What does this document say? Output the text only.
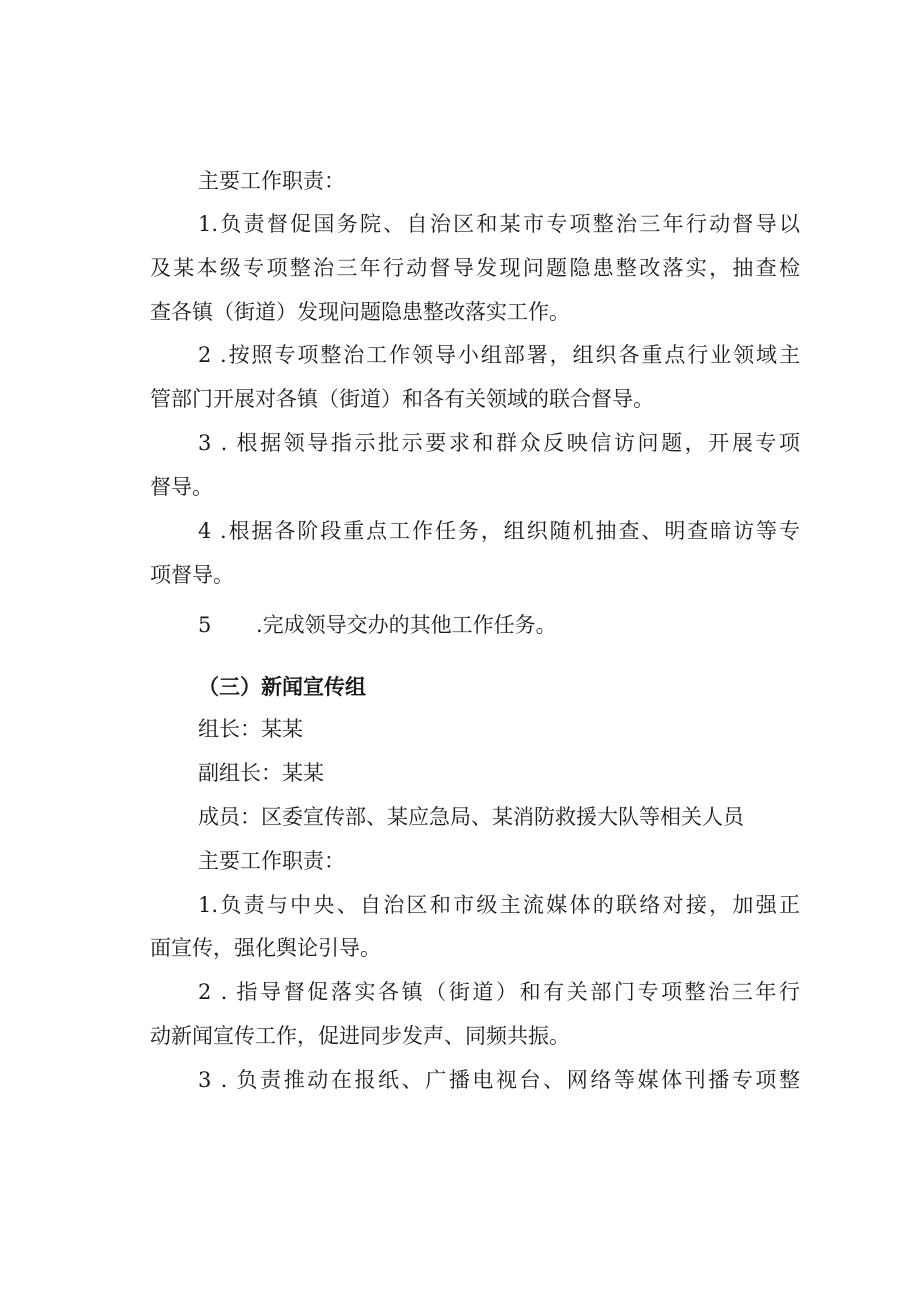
主要工作职责：

1.负责督促国务院、自治区和某市专项整治三年行动督导以

及某本级专项整治三年行动督导发现问题隐患整改落实，抽查检

查各镇（街道）发现问题隐患整改落实工作。

2 .按照专项整治工作领导小组部署，组织各重点行业领域主

管部门开展对各镇（街道）和各有关领域的联合督导。

3 . 根据领导指示批示要求和群众反映信访问题，开展专项

督导。

4 .根据各阶段重点工作任务，组织随机抽查、明查暗访等专

项督导。

5 .完成领导交办的其他工作任务。

（三）新闻宣传组

组长：某某

副组长：某某

成员：区委宣传部、某应急局、某消防救援大队等相关人员

主要工作职责：

1.负责与中央、自治区和市级主流媒体的联络对接，加强正

面宣传，强化舆论引导。

2 . 指导督促落实各镇（街道）和有关部门专项整治三年行

动新闻宣传工作，促进同步发声、同频共振。

3 . 负责推动在报纸、广播电视台、网络等媒体刊播专项整
